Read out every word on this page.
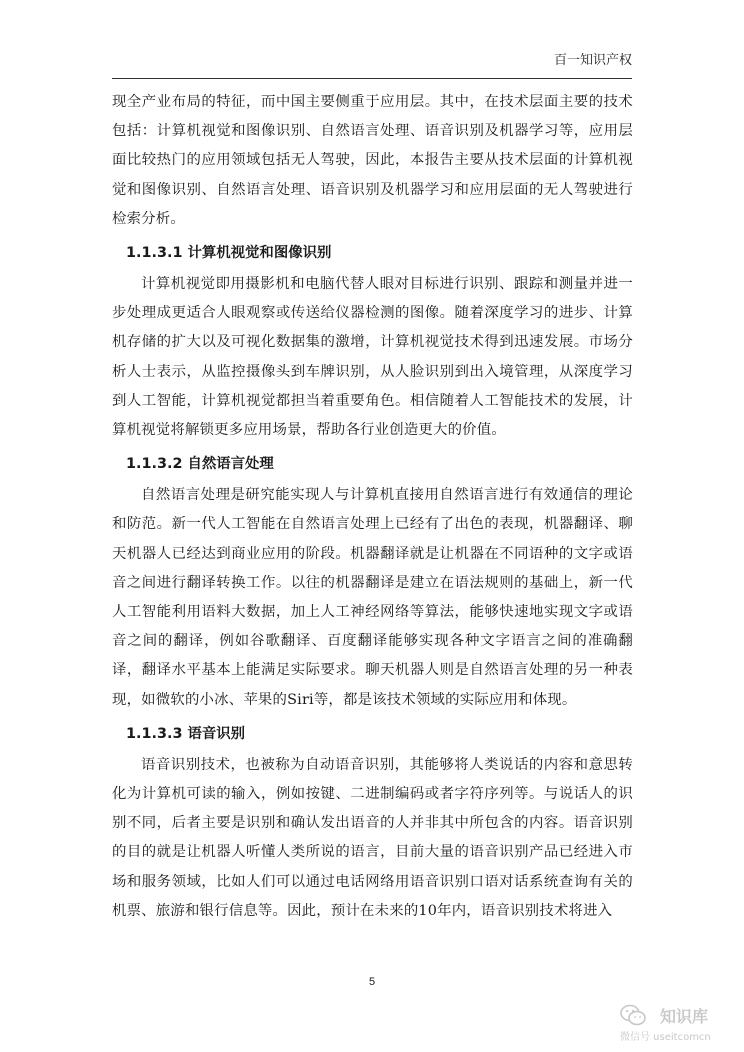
百一知识产权

现全产业布局的特征，而中国主要侧重于应用层。其中，在技术层面主要的技术包括：计算机视觉和图像识别、自然语言处理、语音识别及机器学习等，应用层面比较热门的应用领域包括无人驾驶，因此，本报告主要从技术层面的计算机视觉和图像识别、自然语言处理、语音识别及机器学习和应用层面的无人驾驶进行检索分析。

1.1.3.1 计算机视觉和图像识别

计算机视觉即用摄影机和电脑代替人眼对目标进行识别、跟踪和测量并进一步处理成更适合人眼观察或传送给仪器检测的图像。随着深度学习的进步、计算机存储的扩大以及可视化数据集的激增，计算机视觉技术得到迅速发展。市场分析人士表示，从监控摄像头到车牌识别，从人脸识别到出入境管理，从深度学习到人工智能，计算机视觉都担当着重要角色。相信随着人工智能技术的发展，计算机视觉将解锁更多应用场景，帮助各行业创造更大的价值。

1.1.3.2 自然语言处理

自然语言处理是研究能实现人与计算机直接用自然语言进行有效通信的理论和防范。新一代人工智能在自然语言处理上已经有了出色的表现，机器翻译、聊天机器人已经达到商业应用的阶段。机器翻译就是让机器在不同语种的文字或语音之间进行翻译转换工作。以往的机器翻译是建立在语法规则的基础上，新一代人工智能利用语料大数据，加上人工神经网络等算法，能够快速地实现文字或语音之间的翻译，例如谷歌翻译、百度翻译能够实现各种文字语言之间的准确翻译，翻译水平基本上能满足实际要求。聊天机器人则是自然语言处理的另一种表现，如微软的小冰、苹果的Siri等，都是该技术领域的实际应用和体现。

1.1.3.3 语音识别

语音识别技术，也被称为自动语音识别，其能够将人类说话的内容和意思转化为计算机可读的输入，例如按键、二进制编码或者字符序列等。与说话人的识别不同，后者主要是识别和确认发出语音的人并非其中所包含的内容。语音识别的目的就是让机器人听懂人类所说的语言，目前大量的语音识别产品已经进入市场和服务领域，比如人们可以通过电话网络用语音识别口语对话系统查询有关的机票、旅游和银行信息等。因此，预计在未来的10年内，语音识别技术将进入

5
知识库
微信号 useitcomcn
